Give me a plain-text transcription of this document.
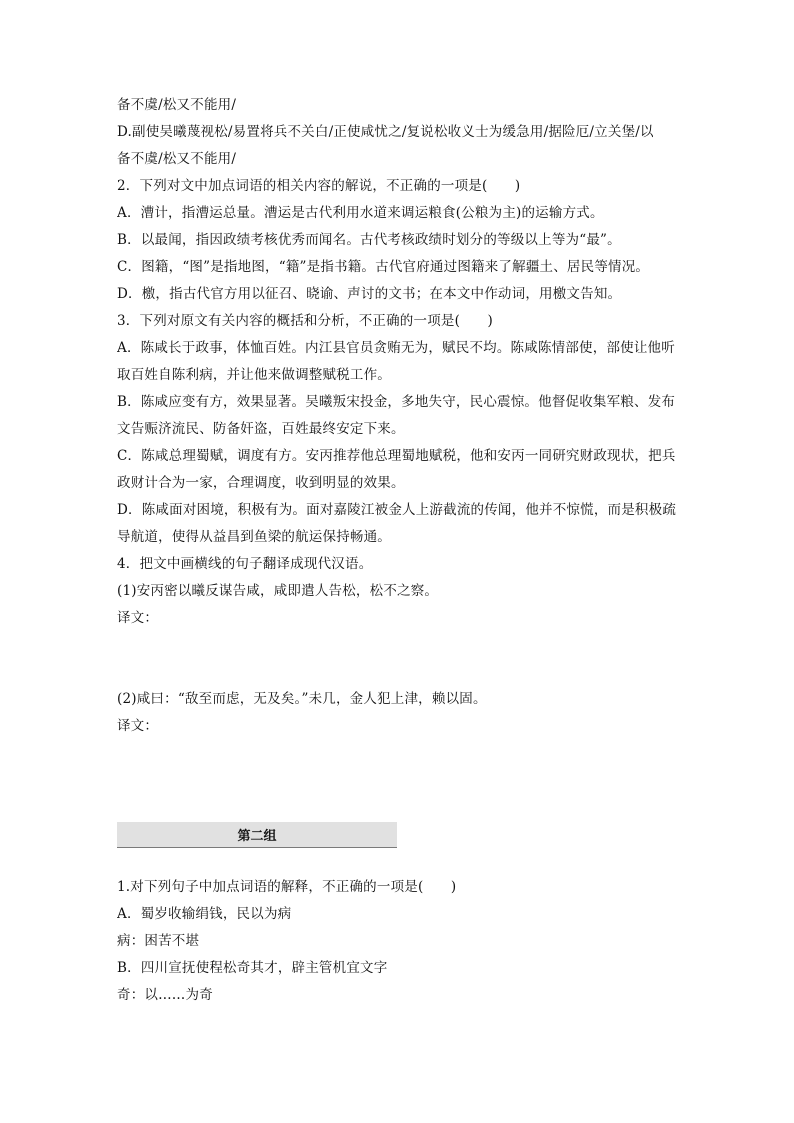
备不虞/松又不能用/
D.副使吴曦蔑视松/易置将兵不关白/正使咸忧之/复说松收义士为缓急用/据险厄/立关堡/以
备不虞/松又不能用/
2．下列对文中加点词语的相关内容的解说，不正确的一项是(　　)
A．漕计，指漕运总量。漕运是古代利用水道来调运粮食(公粮为主)的运输方式。
B．以最闻，指因政绩考核优秀而闻名。古代考核政绩时划分的等级以上等为“最”。
C．图籍，“图”是指地图，“籍”是指书籍。古代官府通过图籍来了解疆土、居民等情况。
D．檄，指古代官方用以征召、晓谕、声讨的文书；在本文中作动词，用檄文告知。
3．下列对原文有关内容的概括和分析，不正确的一项是(　　)
A．陈咸长于政事，体恤百姓。内江县官员贪贿无为，赋民不均。陈咸陈情部使，部使让他听
取百姓自陈利病，并让他来做调整赋税工作。
B．陈咸应变有方，效果显著。吴曦叛宋投金，多地失守，民心震惊。他督促收集军粮、发布
文告赈济流民、防备奸盗，百姓最终安定下来。
C．陈咸总理蜀赋，调度有方。安丙推荐他总理蜀地赋税，他和安丙一同研究财政现状，把兵
政财计合为一家，合理调度，收到明显的效果。
D．陈咸面对困境，积极有为。面对嘉陵江被金人上游截流的传闻，他并不惊慌，而是积极疏
导航道，使得从益昌到鱼梁的航运保持畅通。
4．把文中画横线的句子翻译成现代汉语。
(1)安丙密以曦反谋告咸，咸即遣人告松，松不之察。
译文：
(2)咸曰：“敌至而虑，无及矣。”未几，金人犯上津，赖以固。
译文：
第二组
1.对下列句子中加点词语的解释，不正确的一项是(　　)
A．蜀岁收输绢钱，民以为病
病：困苦不堪
B．四川宣抚使程松奇其才，辟主管机宜文字
奇：以……为奇
